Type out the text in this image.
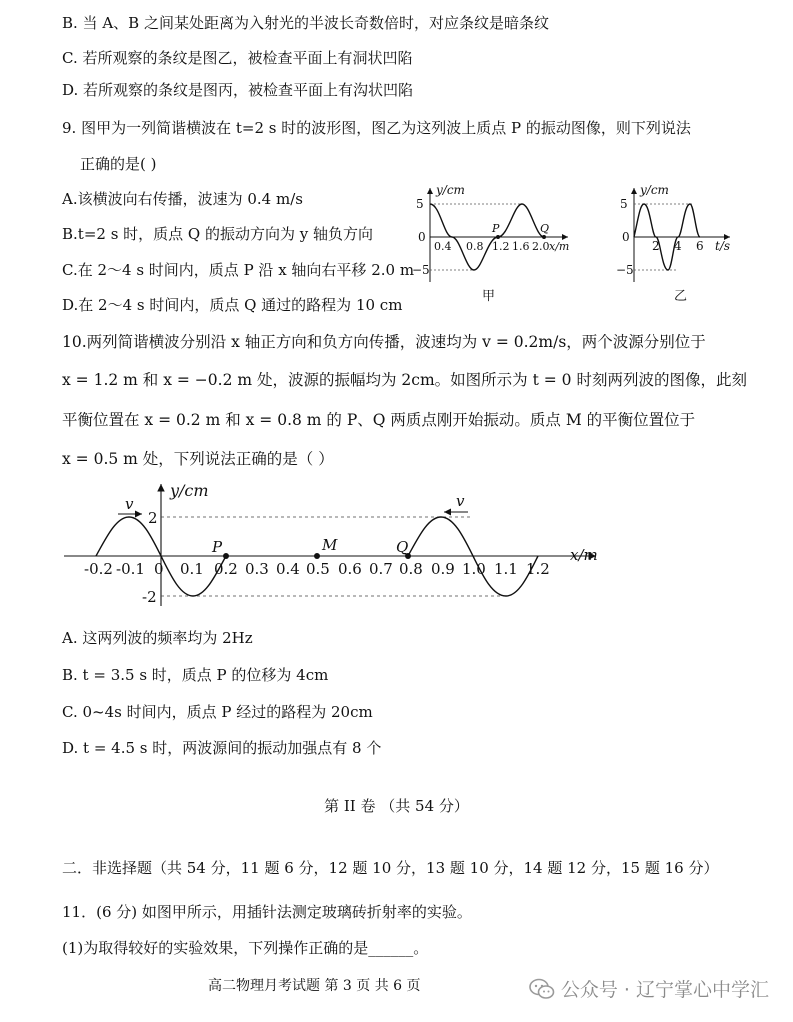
B. 当 A、B 之间某处距离为入射光的半波长奇数倍时，对应条纹是暗条纹
C. 若所观察的条纹是图乙，被检查平面上有洞状凹陷
D. 若所观察的条纹是图丙，被检查平面上有沟状凹陷
9. 图甲为一列简谐横波在 t=2 s 时的波形图，图乙为这列波上质点 P 的振动图像，则下列说法
正确的是( )
A.该横波向右传播，波速为 0.4 m/s
B.t=2 s 时，质点 Q 的振动方向为 y 轴负方向
C.在 2～4 s 时间内，质点 P 沿 x 轴向右平移 2.0 m
D.在 2～4 s 时间内，质点 Q 通过的路程为 10 cm
10.两列简谐横波分别沿 x 轴正方向和负方向传播，波速均为 v = 0.2m/s，两个波源分别位于
x = 1.2 m 和 x = −0.2 m 处，波源的振幅均为 2cm。如图所示为 t = 0 时刻两列波的图像，此刻
平衡位置在 x = 0.2 m 和 x = 0.8 m 的 P、Q 两质点刚开始振动。质点 M 的平衡位置位于
x = 0.5 m 处，下列说法正确的是（ ）
A. 这两列波的频率均为 2Hz
B. t = 3.5 s 时，质点 P 的位移为 4cm
C. 0~4s 时间内，质点 P 经过的路程为 20cm
D. t = 4.5 s 时，两波源间的振动加强点有 8 个
第 II 卷 （共 54 分）
二．非选择题（共 54 分，11 题 6 分，12 题 10 分，13 题 10 分，14 题 12 分，15 题 16 分）
11．(6 分) 如图甲所示，用插针法测定玻璃砖折射率的实验。
(1)为取得较好的实验效果，下列操作正确的是______。
高二物理月考试题 第 3 页 共 6 页	公众号 · 辽宁掌心中学汇
y/cm
5
0
−5
0.4 0.8 1.2 1.6 2.0 x/m
P	Q
甲
y/cm
5
0
−5
2 4 6 t/s
乙
v	v
P	M	Q
y/cm
x/m
2
-2
-0.2 -0.1 0 0.1 0.2 0.3 0.4 0.5 0.6 0.7 0.8 0.9 1.0 1.1 1.2
